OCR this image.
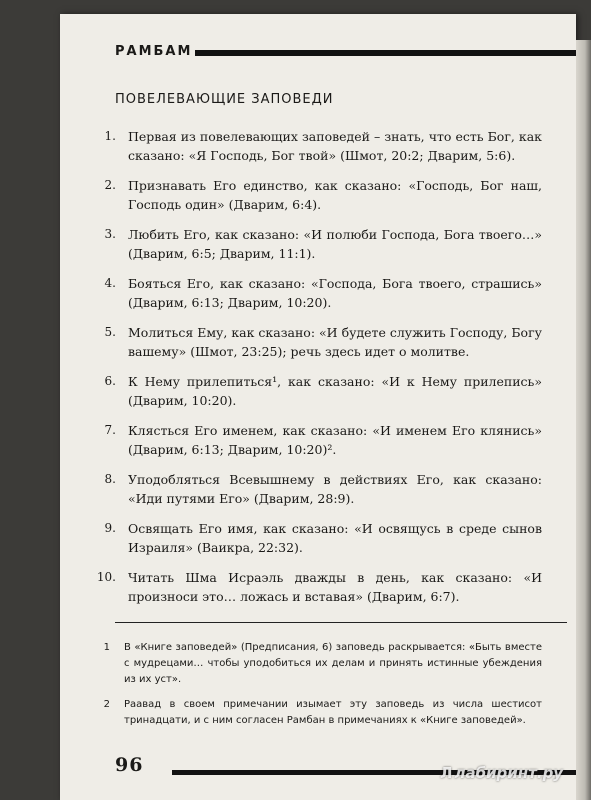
РАМБАМ
ПОВЕЛЕВАЮЩИЕ ЗАПОВЕДИ
1. Первая из повелевающих заповедей – знать, что есть Бог, как сказано: «Я Господь, Бог твой» (Шмот, 20:2; Дварим, 5:6).
2. Признавать Его единство, как сказано: «Господь, Бог наш, Господь один» (Дварим, 6:4).
3. Любить Его, как сказано: «И полюби Господа, Бога твоего…» (Дварим, 6:5; Дварим, 11:1).
4. Бояться Его, как сказано: «Господа, Бога твоего, страшись» (Дварим, 6:13; Дварим, 10:20).
5. Молиться Ему, как сказано: «И будете служить Господу, Богу вашему» (Шмот, 23:25); речь здесь идет о молитве.
6. К Нему прилепиться¹, как сказано: «И к Нему прилепись» (Дварим, 10:20).
7. Клясться Его именем, как сказано: «И именем Его клянись» (Дварим, 6:13; Дварим, 10:20)².
8. Уподобляться Всевышнему в действиях Его, как сказано: «Иди путями Его» (Дварим, 28:9).
9. Освящать Его имя, как сказано: «И освящусь в среде сынов Израиля» (Ваикра, 22:32).
10. Читать Шма Исраэль дважды в день, как сказано: «И произноси это… ложась и вставая» (Дварим, 6:7).
1	В «Книге заповедей» (Предписания, 6) заповедь раскрывается: «Быть вместе с мудрецами… чтобы уподобиться их делам и принять истинные убеждения из их уст».
2	Раавад в своем примечании изымает эту заповедь из числа шестисот тринадцати, и с ним согласен Рамбан в примечаниях к «Книге заповедей».
96	Л лабиринт.ру
